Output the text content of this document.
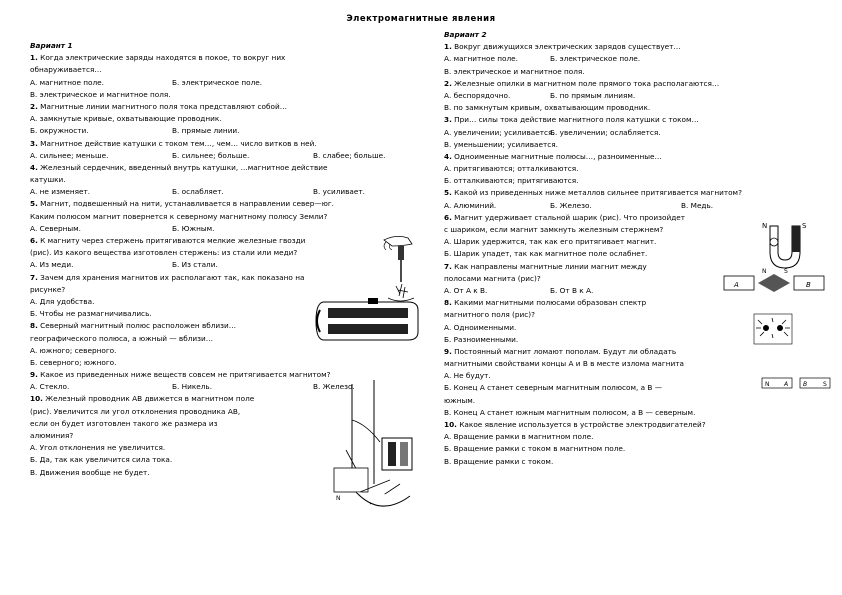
Электромагнитные явления
Вариант 1
1. Когда электрические заряды находятся в покое, то вокруг них
обнаруживается…
А. магнитное поле.	Б. электрическое поле.
В. электрическое и магнитное поля.
2. Магнитные линии магнитного поля тока представляют собой…
А. замкнутые кривые, охватывающие проводник.
Б. окружности.	В. прямые линии.
3. Магнитное действие катушки с током тем…, чем… число витков в ней.
А. сильнее; меньше.	Б. сильнее; больше.	В. слабее; больше.
4. Железный сердечник, введенный внутрь катушки, …магнитное действие
катушки.
А. не изменяет.	Б. ослабляет.	В. усиливает.
5. Магнит, подвешенный на нити, устанавливается в направлении север—юг.
Каким полюсом магнит повернется к северному магнитному полюсу Земли?
А. Северным.	Б. Южным.
6. К магниту через стержень притягиваются мелкие железные гвозди
(рис). Из какого вещества изготовлен стержень: из стали или меди?
А. Из меди.	Б. Из стали.
7. Зачем для хранения магнитов их располагают так, как показано на
рисунке?
А. Для удобства.
Б. Чтобы не размагничивались.
8. Северный магнитный полюс расположен вблизи…
географического полюса, а южный — вблизи…
А. южного; северного.
Б. северного; южного.
9. Какое из приведенных ниже веществ совсем не притягивается магнитом?
А. Стекло.	Б. Никель.	В. Железо.
10. Железный проводник АВ движется в магнитном поле
(рис). Увеличится ли угол отклонения проводника АВ,
если он будет изготовлен такого же размера из
алюминия?
А. Угол отклонения не увеличится.
Б. Да, так как увеличится сила тока.
В. Движения вообще не будет.
Вариант 2
1. Вокруг движущихся электрических зарядов существует…
А. магнитное поле.	Б. электрическое поле.
В. электрическое и магнитное поля.
2. Железные опилки в магнитном поле прямого тока располагаются…
А. беспорядочно.	Б. по прямым линиям.
В. по замкнутым кривым, охватывающим проводник.
3. При… силы тока действие магнитного поля катушки с током…
А. увеличении; усиливается.
Б. увеличении; ослабляется.
В. уменьшении; усиливается.
4. Одноименные магнитные полюсы…, разноименные…
А. притягиваются; отталкиваются.
Б. отталкиваются; притягиваются.
5. Какой из приведенных ниже металлов сильнее притягивается магнитом?
А. Алюминий.	Б. Железо.	В. Медь.
6. Магнит удерживает стальной шарик (рис). Что произойдет
с шариком, если магнит замкнуть железным стержнем?
А. Шарик удержится, так как его притягивает магнит.
Б. Шарик упадет, так как магнитное поле ослабнет.
7. Как направлены магнитные линии магнит между
полосами магнита (рис)?
А. От А к В.	Б. От В к А.
8. Какими магнитными полюсами образован спектр
магнитного поля (рис)?
А. Одноименными.
Б. Разноименными.
9. Постоянный магнит ломают пополам. Будут ли обладать
магнитными свойствами концы А и В в месте излома магнита
А. Не будут.
Б. Конец А станет северным магнитным полюсом, а В —
южным.
В. Конец А станет южным магнитным полюсом, а В — северным.
10. Какое явление используется в устройстве электродвигателей?
А. Вращение рамки в магнитном поле.
Б. Вращение рамки с током в магнитном поле.
В. Вращение рамки с током.
N
N	S
N	S
А	В
N A B	S
